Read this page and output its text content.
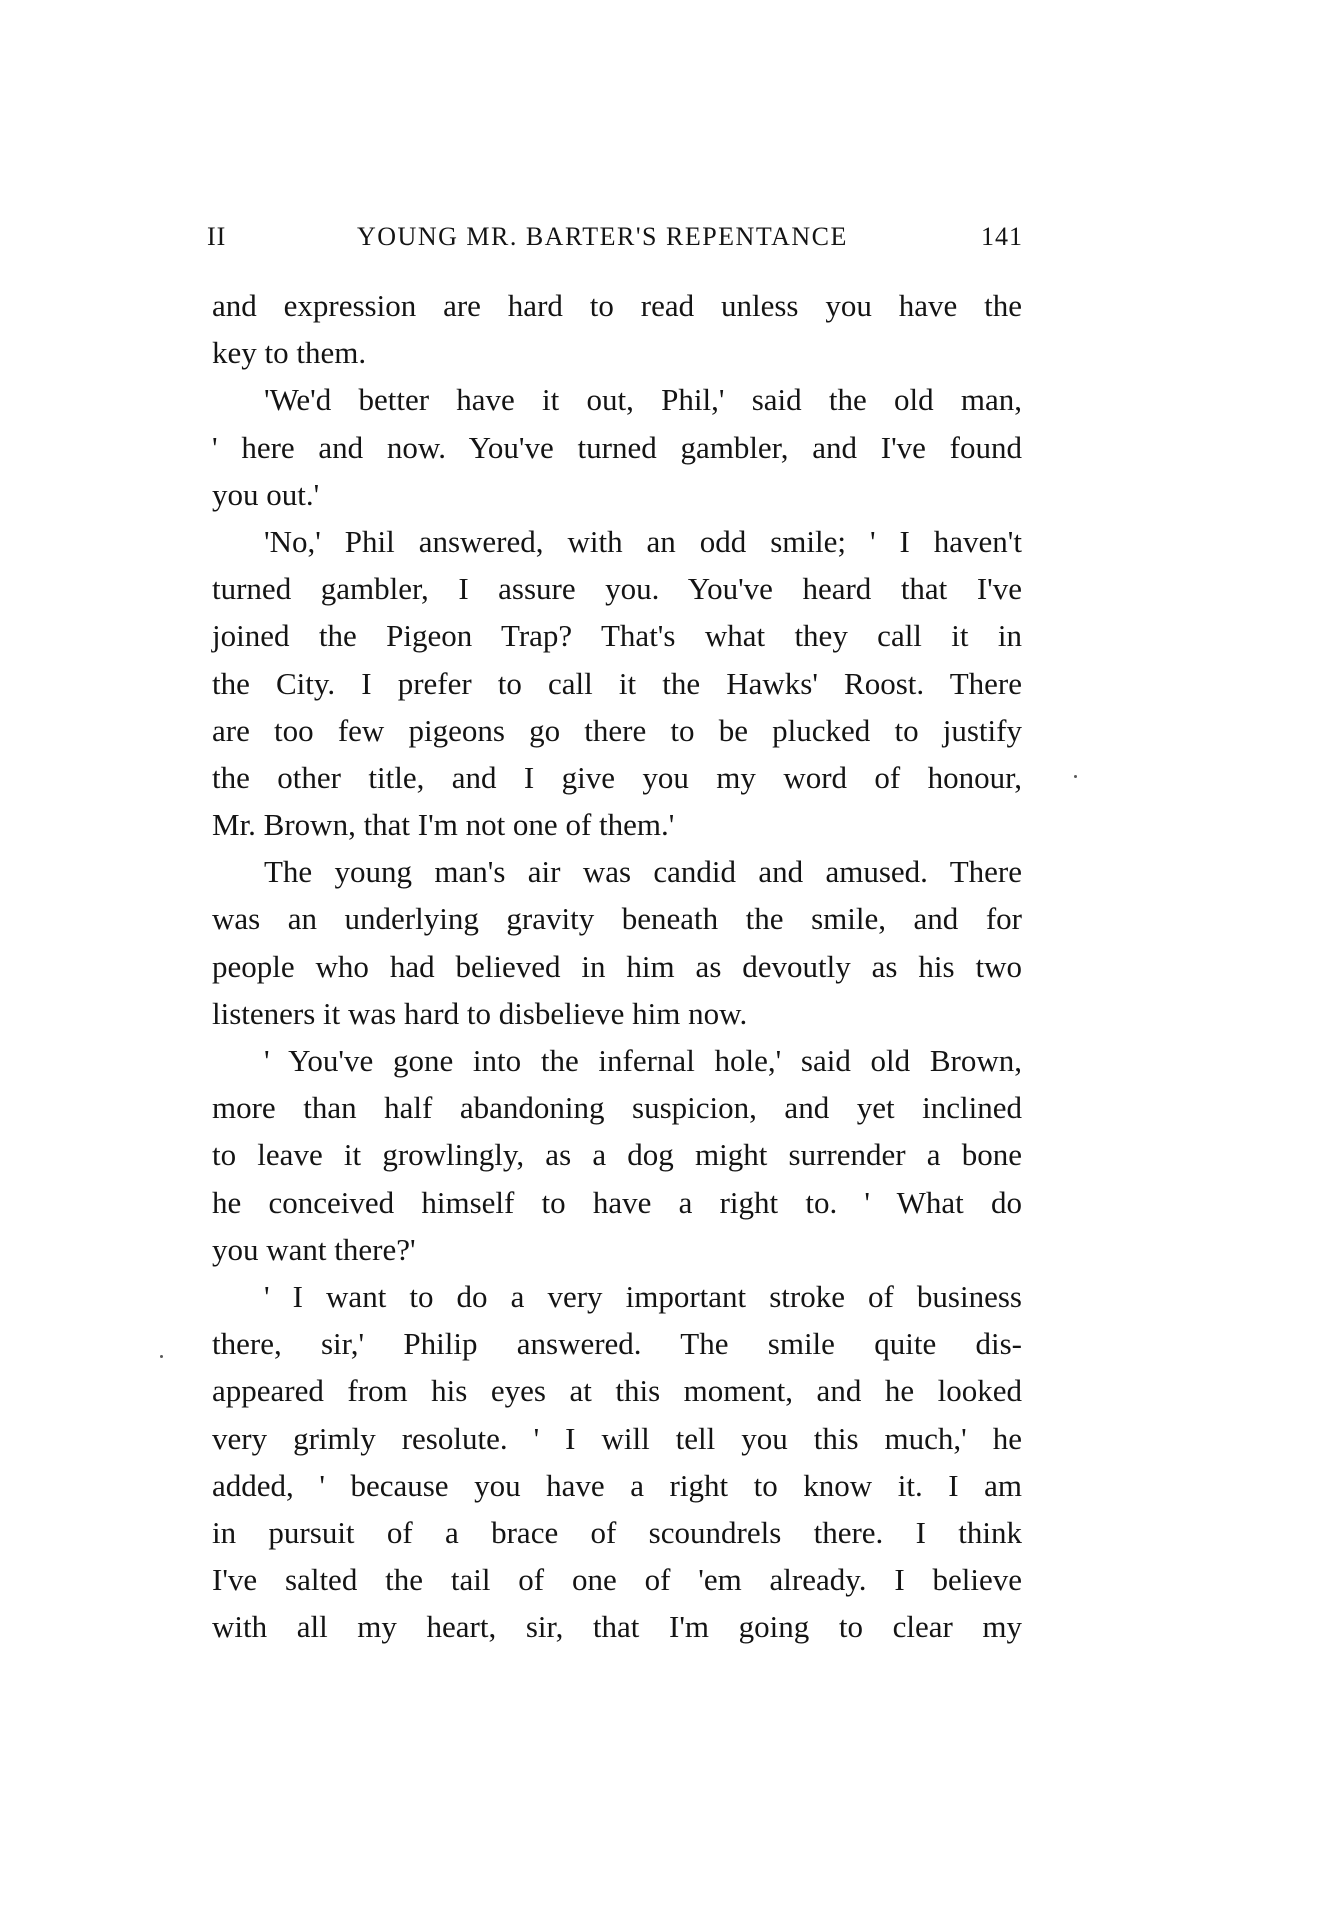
II	YOUNG MR. BARTER'S REPENTANCE	141
and expression are hard to read unless you have the
key to them.
'We'd better have it out, Phil,' said the old man,
' here and now. You've turned gambler, and I've found
you out.'
'No,' Phil answered, with an odd smile; ' I haven't
turned gambler, I assure you. You've heard that I've
joined the Pigeon Trap? That's what they call it in
the City. I prefer to call it the Hawks' Roost. There
are too few pigeons go there to be plucked to justify
the other title, and I give you my word of honour,
Mr. Brown, that I'm not one of them.'
The young man's air was candid and amused. There
was an underlying gravity beneath the smile, and for
people who had believed in him as devoutly as his two
listeners it was hard to disbelieve him now.
' You've gone into the infernal hole,' said old Brown,
more than half abandoning suspicion, and yet inclined
to leave it growlingly, as a dog might surrender a bone
he conceived himself to have a right to. ' What do
you want there?'
' I want to do a very important stroke of business
there, sir,' Philip answered. The smile quite dis-
appeared from his eyes at this moment, and he looked
very grimly resolute. ' I will tell you this much,' he
added, ' because you have a right to know it. I am
in pursuit of a brace of scoundrels there. I think
I've salted the tail of one of 'em already. I believe
with all my heart, sir, that I'm going to clear my
